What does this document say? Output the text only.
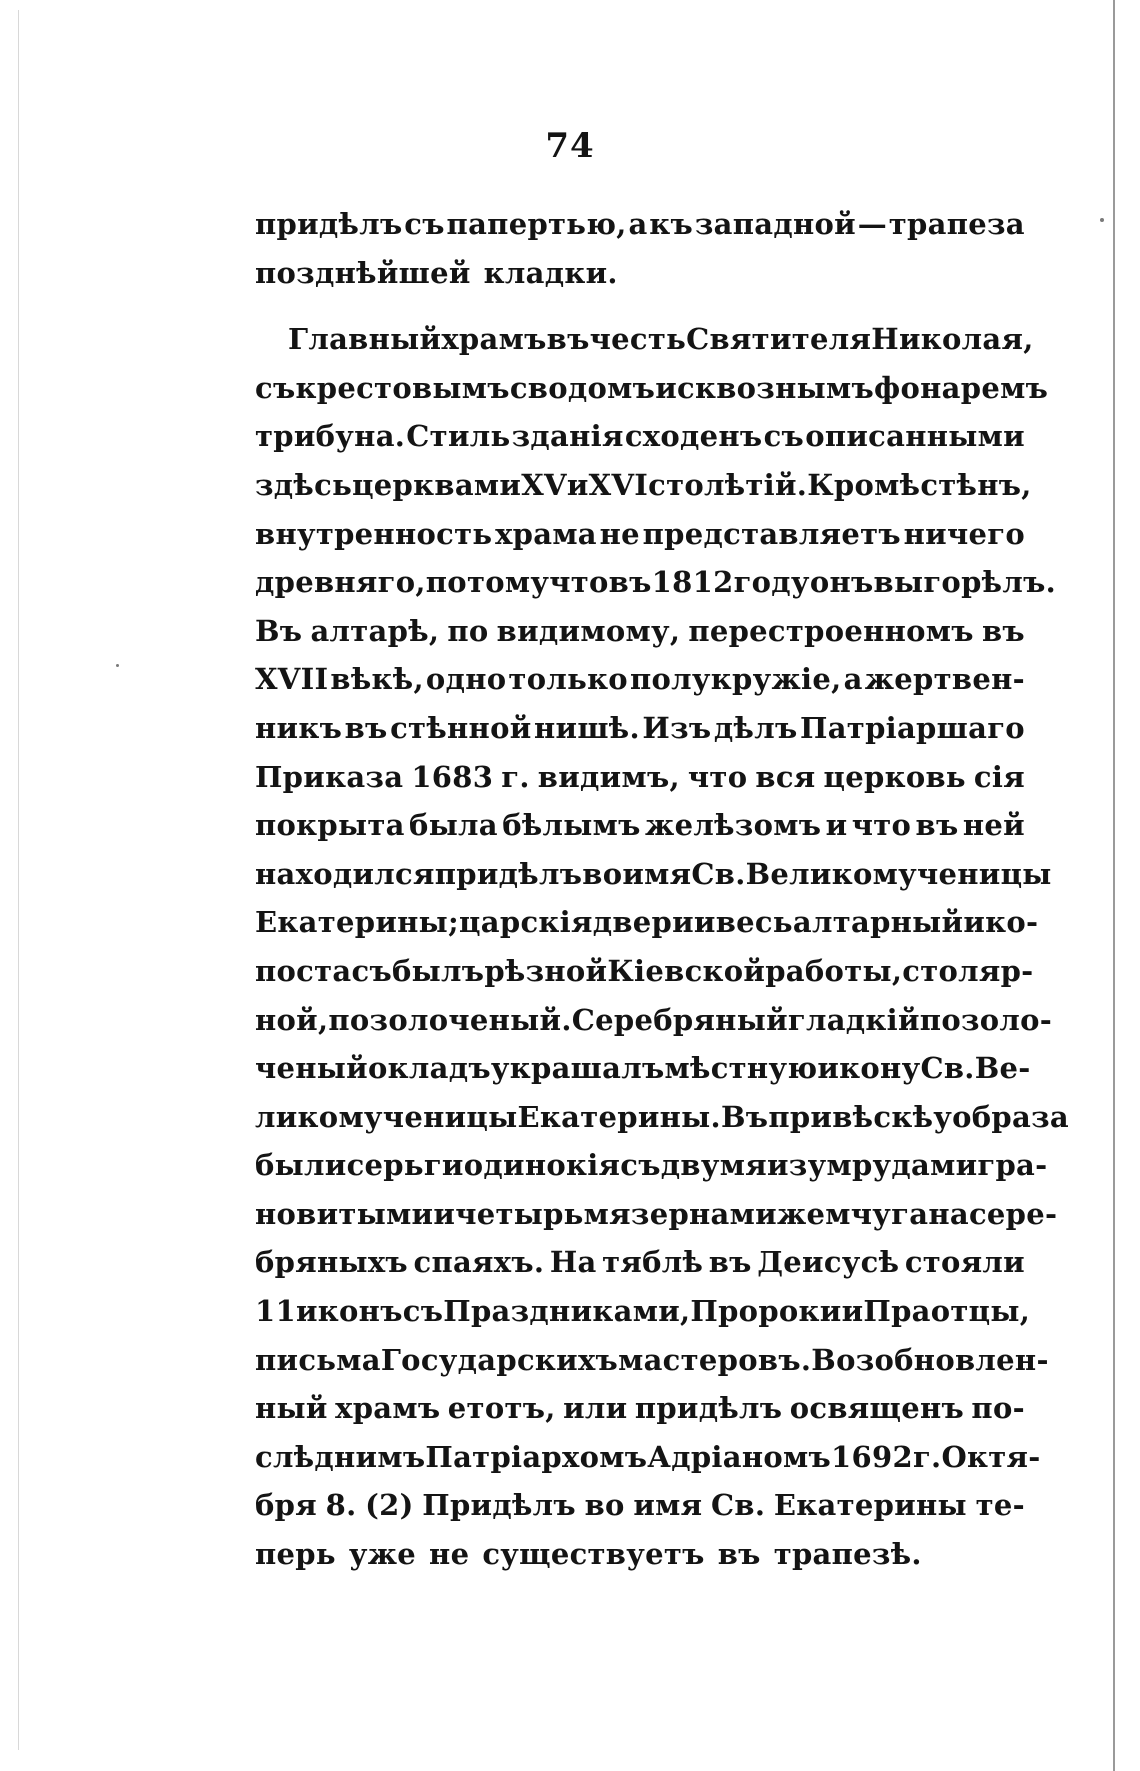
74
придѣлъ съ папертью, а къ западной — трапеза
позднѣйшей кладки.
Главный храмъ въ честь Святителя Николая,
съ крестовымъ сводомъ и сквознымъ фонаремъ
трибуна. Стиль зданія сходенъ съ описанными
здѣсь церквами XV и XVI столѣтій. Кромѣ стѣнъ,
внутренность храма не представляетъ ничего
древняго, потому что въ 1812 году онъ выгорѣлъ.
Въ алтарѣ, по видимому, перестроенномъ въ
XVII вѣкѣ, одно только полукружіе, а жертвен-
никъ въ стѣнной нишѣ. Изъ дѣлъ Патріаршаго
Приказа 1683 г. видимъ, что вся церковь сія
покрыта была бѣлымъ желѣзомъ и что въ ней
находился придѣлъ во имя Св. Великомученицы
Екатерины; царскія двери и весь алтарный ико-
постасъ былъ рѣзной Кіевской работы, столяр-
ной, позолоченый. Серебряный гладкій позоло-
ченый окладъ украшалъ мѣстную икону Св. Ве-
ликомученицы Екатерины. Въ привѣскѣ у образа
были серьги одинокія съ двумя изумрудами гра-
новитыми и четырьмя зернами жемчуга на сере-
бряныхъ спаяхъ. На тяблѣ въ Деисусѣ стояли
11 иконъ съ Праздниками, Пророки и Праотцы,
письма Государскихъ мастеровъ. Возобновлен-
ный храмъ етотъ, или придѣлъ освященъ по-
слѣднимъ Патріархомъ Адріаномъ 1692 г. Октя-
бря 8. (2) Придѣлъ во имя Св. Екатерины те-
перь уже не существуетъ въ трапезѣ.
